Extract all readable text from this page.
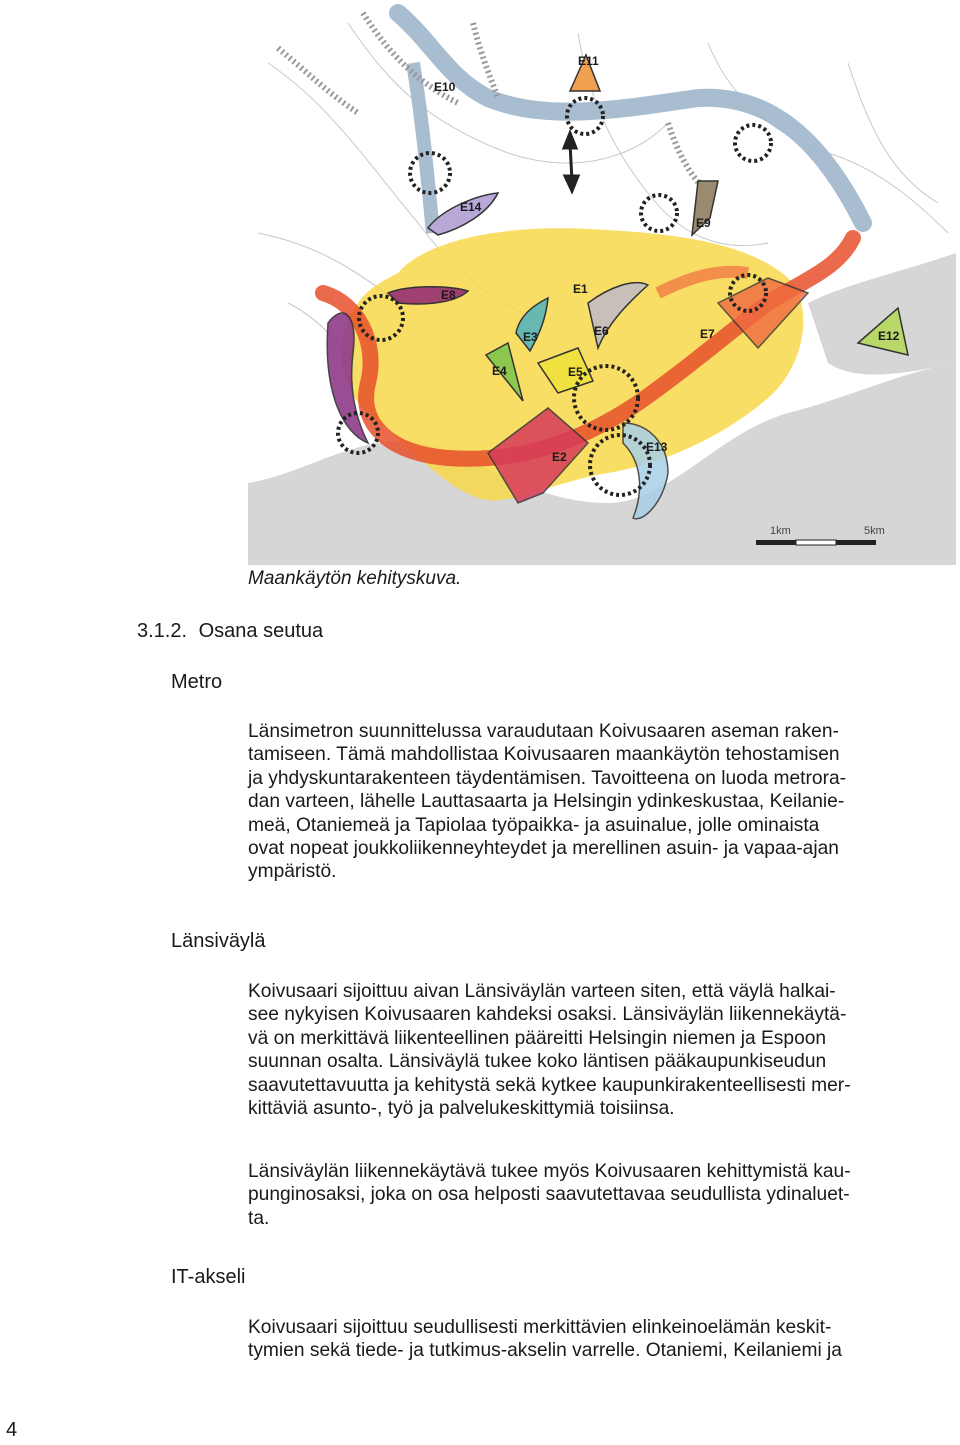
E11
E10
E14
E9
E8	E1
E3	E6	E7	E12
E4	E5
E13
E2
1km	5km
Maankäytön kehityskuva.
3.1.2. Osana seutua
Metro
Länsimetron suunnittelussa varaudutaan Koivusaaren aseman raken-
tamiseen. Tämä mahdollistaa Koivusaaren maankäytön tehostamisen
ja yhdyskuntarakenteen täydentämisen. Tavoitteena on luoda metrora-
dan varteen, lähelle Lauttasaarta ja Helsingin ydinkeskustaa, Keilanie-
meä, Otaniemeä ja Tapiolaa työpaikka- ja asuinalue, jolle ominaista
ovat nopeat joukkoliikenneyhteydet ja merellinen asuin- ja vapaa-ajan
ympäristö.
Länsiväylä
Koivusaari sijoittuu aivan Länsiväylän varteen siten, että väylä halkai-
see nykyisen Koivusaaren kahdeksi osaksi. Länsiväylän liikennekäytä-
vä on merkittävä liikenteellinen pääreitti Helsingin niemen ja Espoon
suunnan osalta. Länsiväylä tukee koko läntisen pääkaupunkiseudun
saavutettavuutta ja kehitystä sekä kytkee kaupunkirakenteellisesti mer-
kittäviä asunto-, työ ja palvelukeskittymiä toisiinsa.
Länsiväylän liikennekäytävä tukee myös Koivusaaren kehittymistä kau-
punginosaksi, joka on osa helposti saavutettavaa seudullista ydinaluet-
ta.
IT-akseli
Koivusaari sijoittuu seudullisesti merkittävien elinkeinoelämän keskit-
tymien sekä tiede- ja tutkimus-akselin varrelle. Otaniemi, Keilaniemi ja
4
